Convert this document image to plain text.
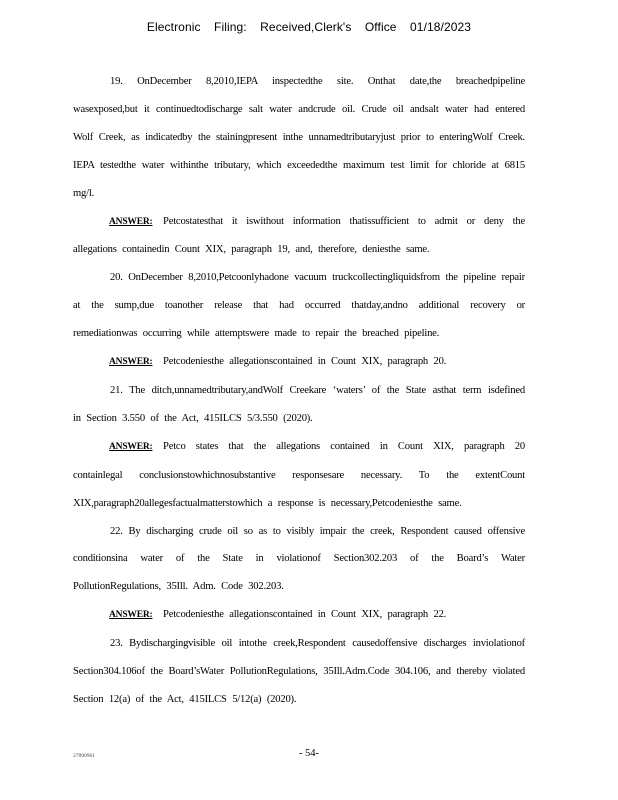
Electronic Filing: Received,Clerk's Office 01/18/2023

19. OnDecember 8,2010,IEPA inspectedthe site. Onthat date,the breachedpipeline wasexposed,but it continuedtodischarge salt water andcrude oil. Crude oil andsalt water had entered Wolf Creek, as indicatedby the stainingpresent inthe unnamedtributaryjust prior to enteringWolf Creek. IEPA testedthe water withinthe tributary, which exceededthe maximum test limit for chloride at 6815 mg/l.

ANSWER: Petcostatesthat it iswithout information thatissufficient to admit or deny the allegations containedin Count XIX, paragraph 19, and, therefore, deniesthe same.

20. OnDecember 8,2010,Petcoonlyhadone vacuum truckcollectingliquidsfrom the pipeline repair at the sump,due toanother release that had occurred thatday,andno additional recovery or remediationwas occurring while attemptswere made to repair the breached pipeline.

ANSWER: Petcodeniesthe allegationscontained in Count XIX, paragraph 20.

21. The ditch,unnamedtributary,andWolf Creekare ‘waters’ of the State asthat term isdefined in Section 3.550 of the Act, 415ILCS 5/3.550 (2020).

ANSWER: Petco states that the allegations contained in Count XIX, paragraph 20 containlegal conclusionstowhichnosubstantive responsesare necessary. To the extentCount XIX,paragraph20allegesfactualmatterstowhich a response is necessary,Petcodeniesthe same.

22. By discharging crude oil so as to visibly impair the creek, Respondent caused offensive conditionsina water of the State in violationof Section302.203 of the Board’s Water PollutionRegulations, 35Ill. Adm. Code 302.203.

ANSWER: Petcodeniesthe allegationscontained in Count XIX, paragraph 22.

23. Bydischargingvisible oil intothe creek,Respondent causedoffensive discharges inviolationof Section304.106of the Board’sWater PollutionRegulations, 35Ill.Adm.Code 304.106, and thereby violated Section 12(a) of the Act, 415ILCS 5/12(a) (2020).

27890961	- 54-
